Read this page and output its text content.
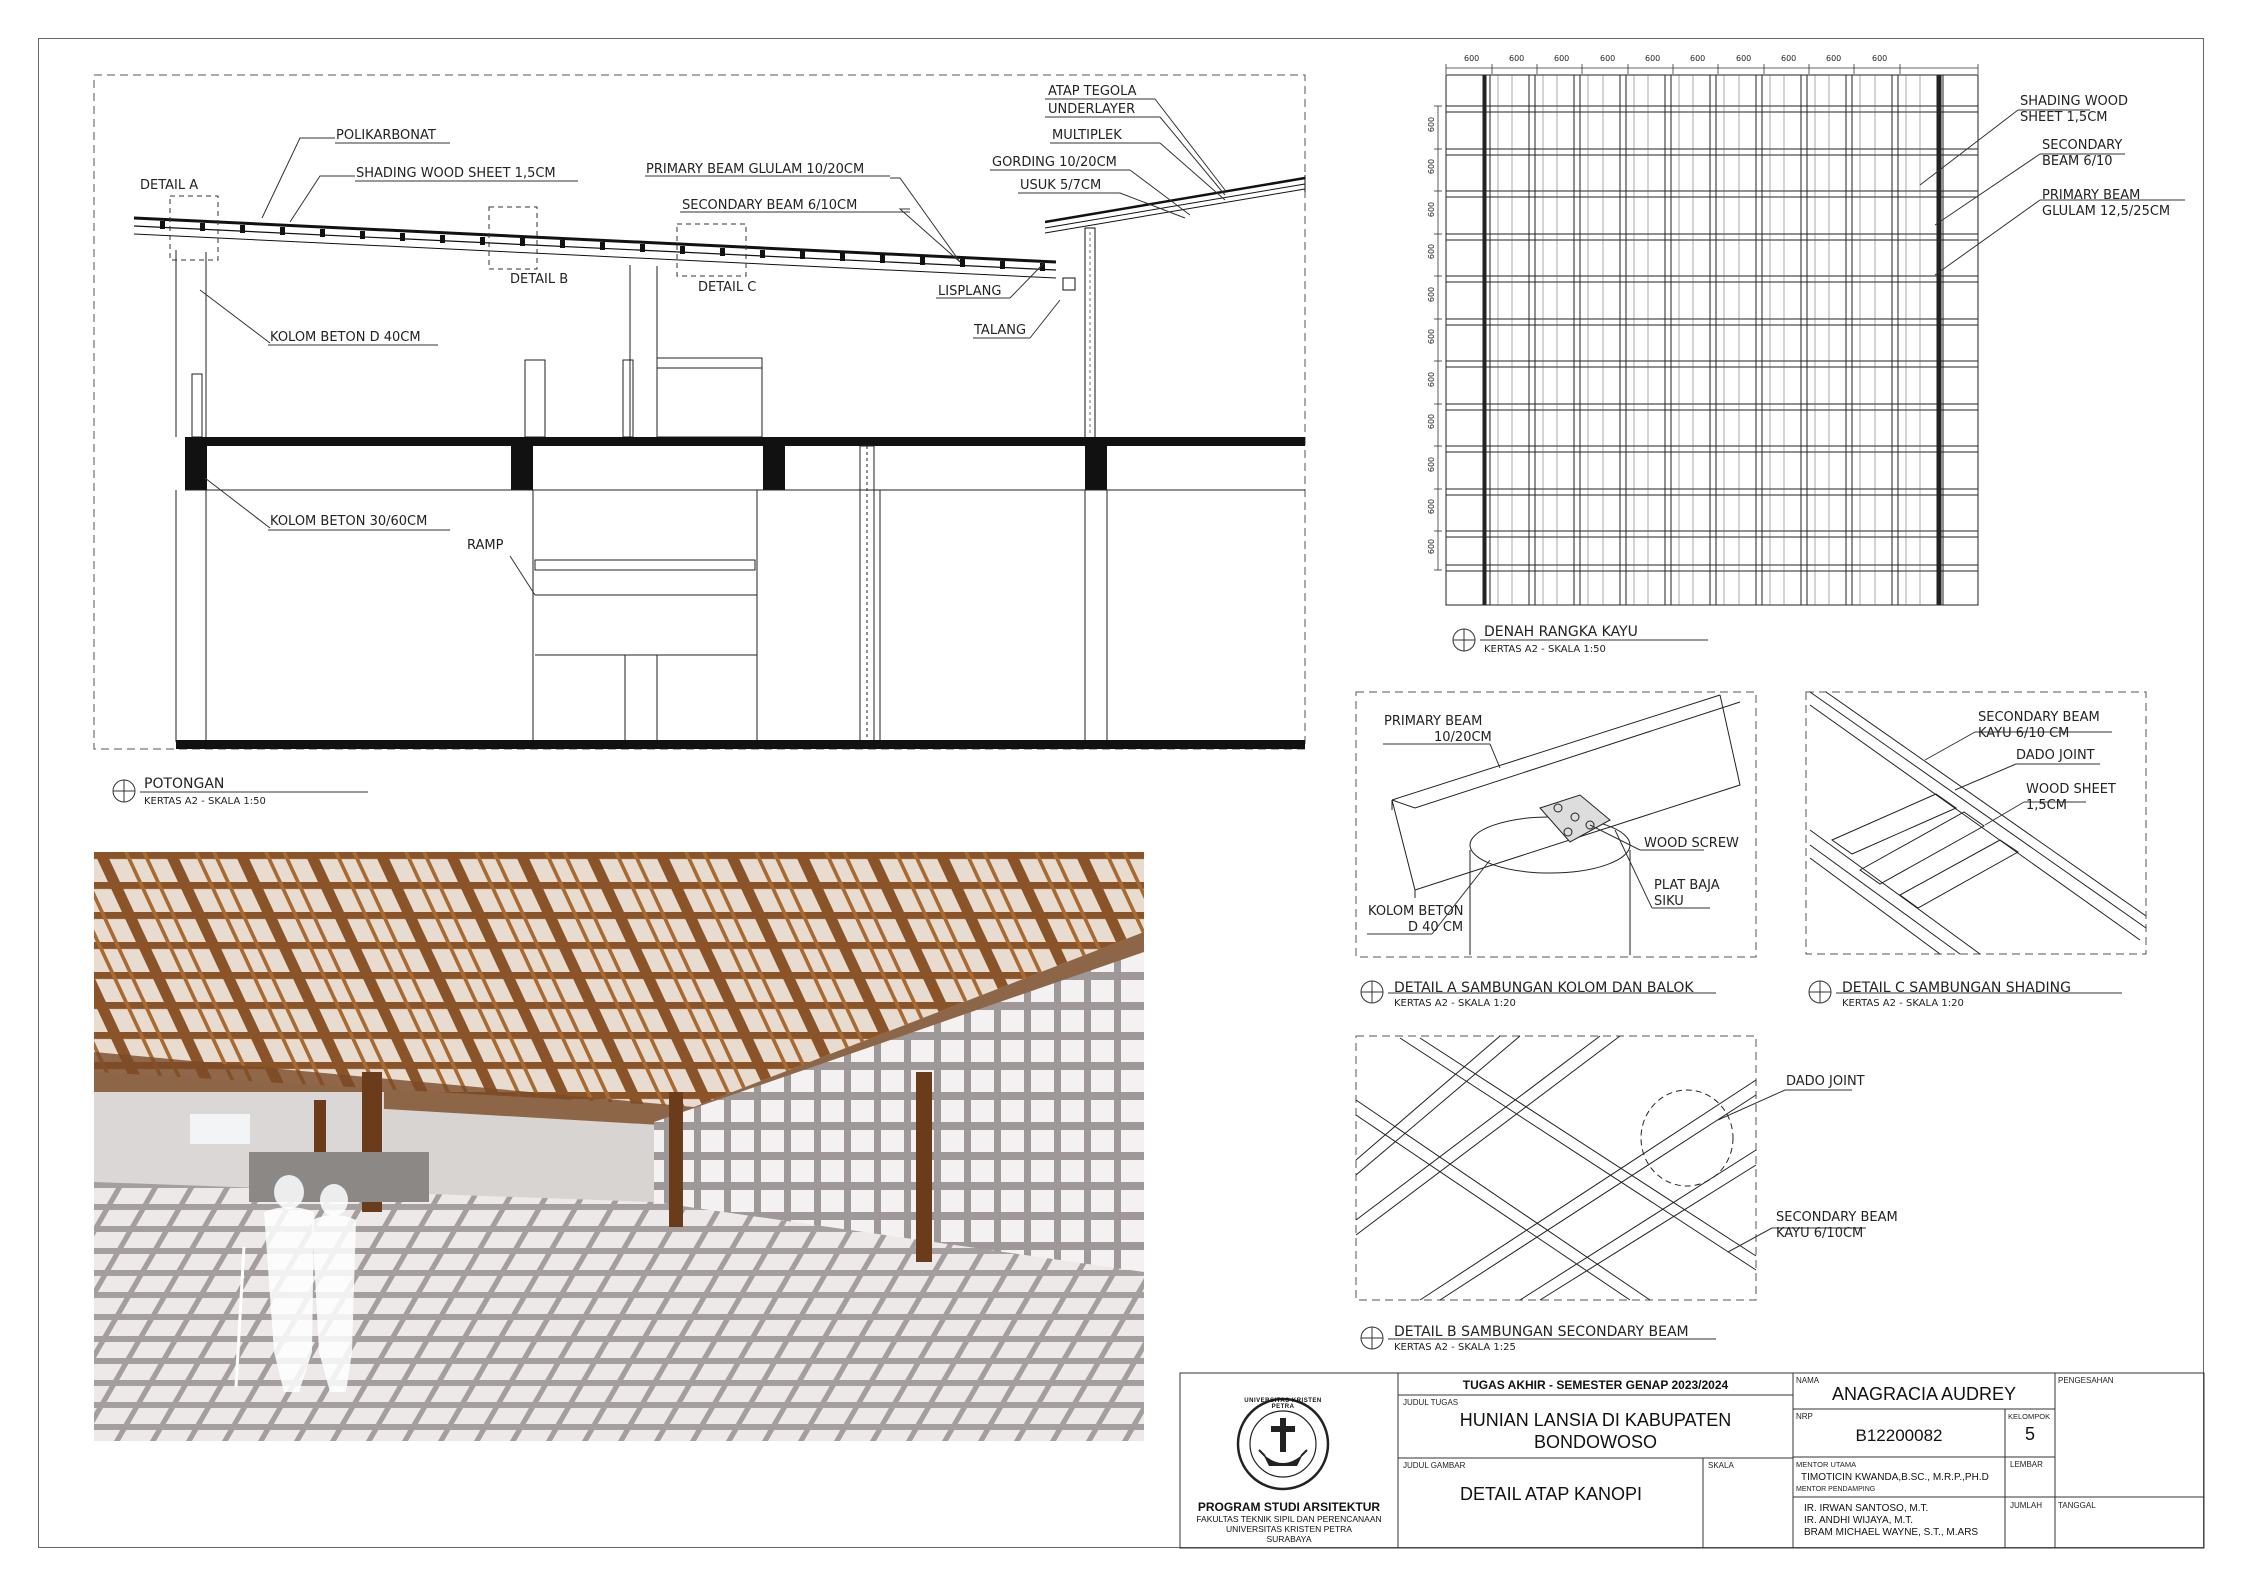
ATAP TEGOLA
UNDERLAYER
MULTIPLEK
GORDING 10/20CM
USUK 5/7CM
POLIKARBONAT
SHADING WOOD SHEET 1,5CM	PRIMARY BEAM GLULAM 10/20CM
SECONDARY BEAM 6/10CM
DETAIL A
DETAIL B
DETAIL C	LISPLANG
TALANG
KOLOM BETON D 40CM
KOLOM BETON 30/60CM
RAMP
POTONGAN
KERTAS A2 - SKALA 1:50
600	600	600	600	600	600	600	600	600	600
600
600
600
600
600
600
600
600
600
600
600
SHADING WOOD
SHEET 1,5CM
SECONDARY
BEAM 6/10
PRIMARY BEAM
GLULAM 12,5/25CM
DENAH RANGKA KAYU
KERTAS A2 - SKALA 1:50
PRIMARY BEAM
10/20CM
KOLOM BETON
D 40 CM
WOOD SCREW
PLAT BAJA
SIKU
DETAIL A SAMBUNGAN KOLOM DAN BALOK
KERTAS A2 - SKALA 1:20
SECONDARY BEAM
KAYU 6/10 CM
DADO JOINT
WOOD SHEET
1,5CM
DETAIL C SAMBUNGAN SHADING
KERTAS A2 - SKALA 1:20
DADO JOINT
SECONDARY BEAM
KAYU 6/10CM
DETAIL B SAMBUNGAN SECONDARY BEAM
KERTAS A2 - SKALA 1:25
UNIVERSITAS KRISTEN PETRA
PROGRAM STUDI ARSITEKTUR
FAKULTAS TEKNIK SIPIL DAN PERENCANAAN
UNIVERSITAS KRISTEN PETRA
SURABAYA
TUGAS AKHIR - SEMESTER GENAP 2023/2024
JUDUL TUGAS
HUNIAN LANSIA DI KABUPATEN
BONDOWOSO
JUDUL GAMBAR
DETAIL ATAP KANOPI
SKALA
NAMA
ANAGRACIA AUDREY
NRP
B12200082
KELOMPOK
5
MENTOR UTAMA
TIMOTICIN KWANDA,B.SC., M.R.P.,PH.D
MENTOR PENDAMPING
IR. IRWAN SANTOSO, M.T.
IR. ANDHI WIJAYA, M.T.
BRAM MICHAEL WAYNE, S.T., M.ARS
LEMBAR
JUMLAH
PENGESAHAN
TANGGAL
